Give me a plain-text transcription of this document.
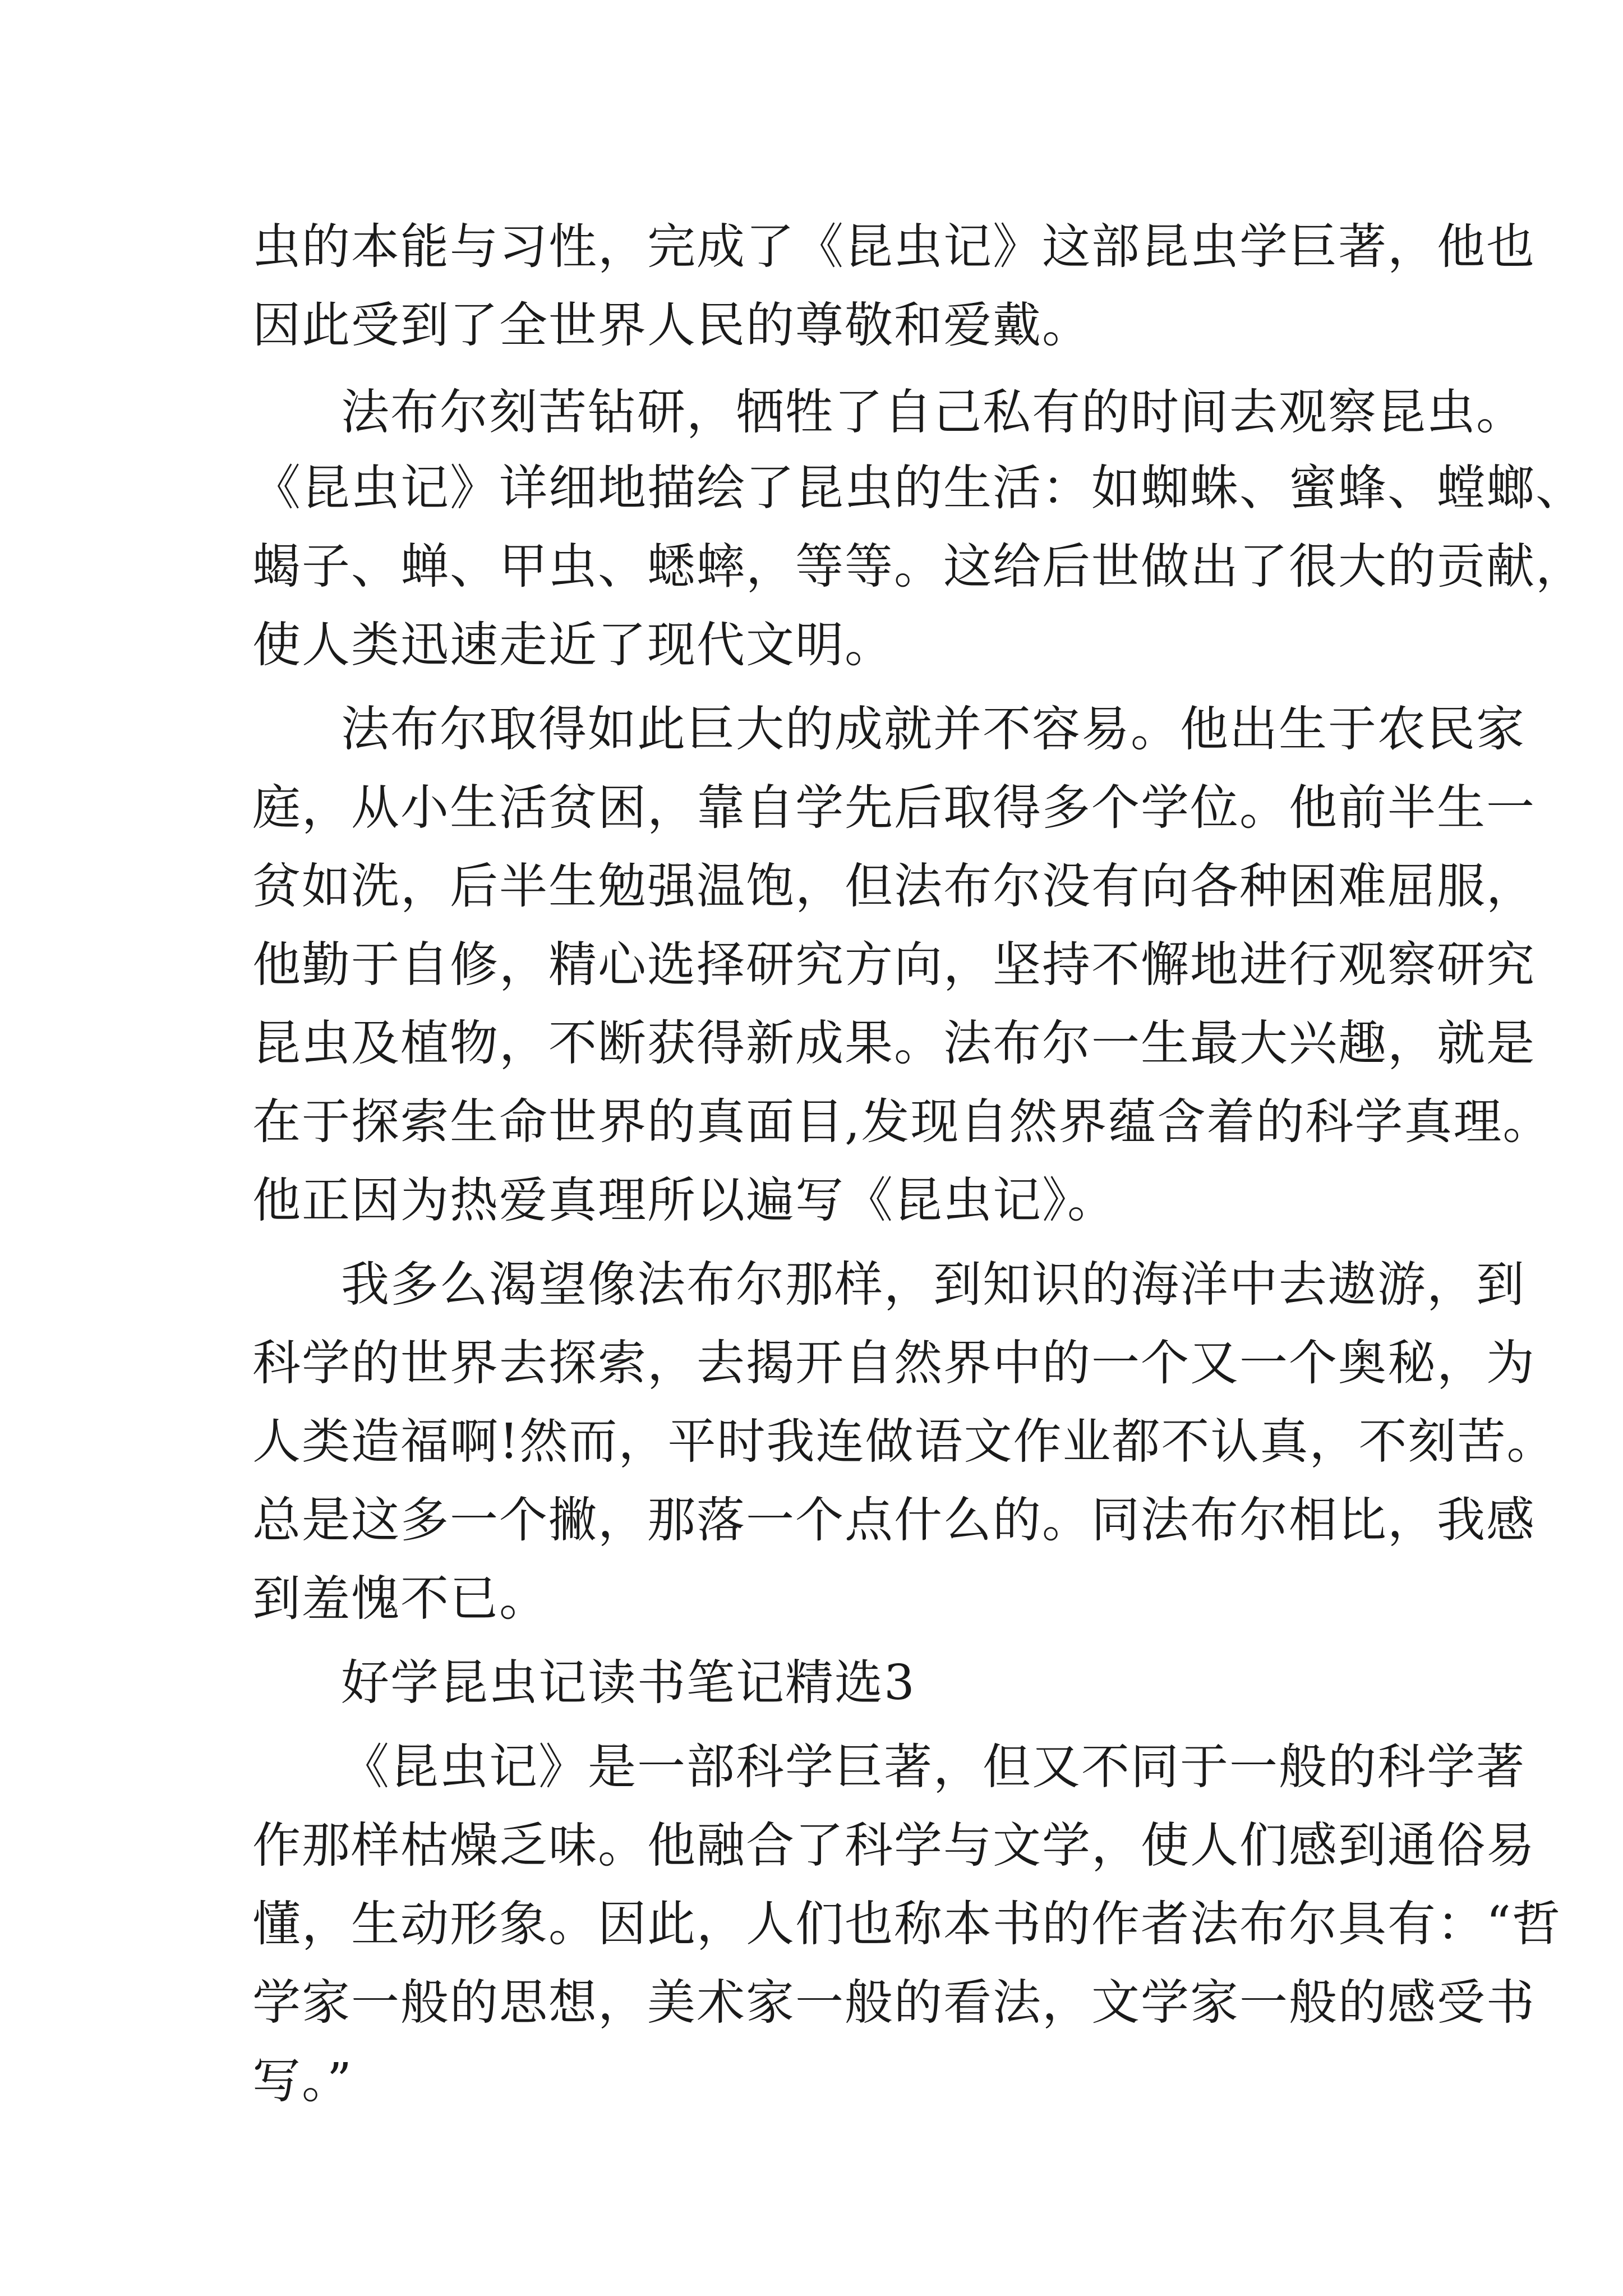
虫的本能与习性，完成了《昆虫记》这部昆虫学巨著，他也
因此受到了全世界人民的尊敬和爱戴。
法布尔刻苦钻研，牺牲了自己私有的时间去观察昆虫。
《昆虫记》详细地描绘了昆虫的生活：如蜘蛛、蜜蜂、螳螂、
蝎子、蝉、甲虫、蟋蟀，等等。这给后世做出了很大的贡献，
使人类迅速走近了现代文明。
法布尔取得如此巨大的成就并不容易。他出生于农民家
庭，从小生活贫困，靠自学先后取得多个学位。他前半生一
贫如洗，后半生勉强温饱，但法布尔没有向各种困难屈服，
他勤于自修，精心选择研究方向，坚持不懈地进行观察研究
昆虫及植物，不断获得新成果。法布尔一生最大兴趣，就是
在于探索生命世界的真面目,发现自然界蕴含着的科学真理。
他正因为热爱真理所以遍写《昆虫记》。
我多么渴望像法布尔那样，到知识的海洋中去遨游，到
科学的世界去探索，去揭开自然界中的一个又一个奥秘，为
人类造福啊!然而，平时我连做语文作业都不认真，不刻苦。
总是这多一个撇，那落一个点什么的。同法布尔相比，我感
到羞愧不已。
好学昆虫记读书笔记精选3
《昆虫记》是一部科学巨著，但又不同于一般的科学著
作那样枯燥乏味。他融合了科学与文学，使人们感到通俗易
懂，生动形象。因此，人们也称本书的作者法布尔具有：“哲
学家一般的思想，美术家一般的看法，文学家一般的感受书
写。”
